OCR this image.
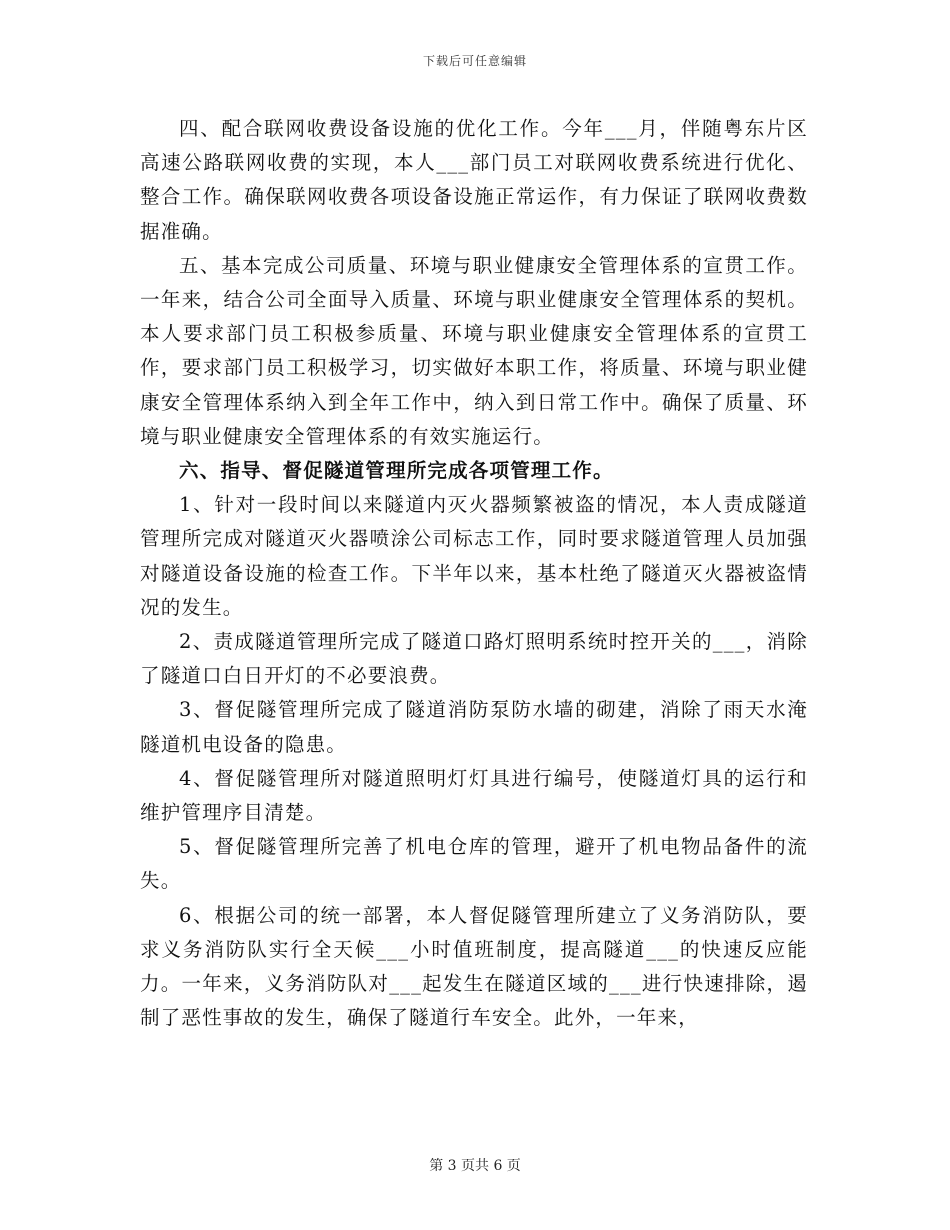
下载后可任意编辑

四、配合联网收费设备设施的优化工作。今年___月，伴随粤东片区高速公路联网收费的实现，本人___部门员工对联网收费系统进行优化、整合工作。确保联网收费各项设备设施正常运作，有力保证了联网收费数据准确。

五、基本完成公司质量、环境与职业健康安全管理体系的宣贯工作。一年来，结合公司全面导入质量、环境与职业健康安全管理体系的契机。本人要求部门员工积极参质量、环境与职业健康安全管理体系的宣贯工作，要求部门员工积极学习，切实做好本职工作，将质量、环境与职业健康安全管理体系纳入到全年工作中，纳入到日常工作中。确保了质量、环境与职业健康安全管理体系的有效实施运行。

六、指导、督促隧道管理所完成各项管理工作。

1、针对一段时间以来隧道内灭火器频繁被盗的情况，本人责成隧道管理所完成对隧道灭火器喷涂公司标志工作，同时要求隧道管理人员加强对隧道设备设施的检查工作。下半年以来，基本杜绝了隧道灭火器被盗情况的发生。

2、责成隧道管理所完成了隧道口路灯照明系统时控开关的___，消除了隧道口白日开灯的不必要浪费。

3、督促隧管理所完成了隧道消防泵防水墙的砌建，消除了雨天水淹隧道机电设备的隐患。

4、督促隧管理所对隧道照明灯灯具进行编号，使隧道灯具的运行和维护管理序目清楚。

5、督促隧管理所完善了机电仓库的管理，避开了机电物品备件的流失。

6、根据公司的统一部署，本人督促隧管理所建立了义务消防队，要求义务消防队实行全天候___小时值班制度，提高隧道___的快速反应能力。一年来，义务消防队对___起发生在隧道区域的___进行快速排除，遏制了恶性事故的发生，确保了隧道行车安全。此外，一年来，

第 3 页共 6 页
